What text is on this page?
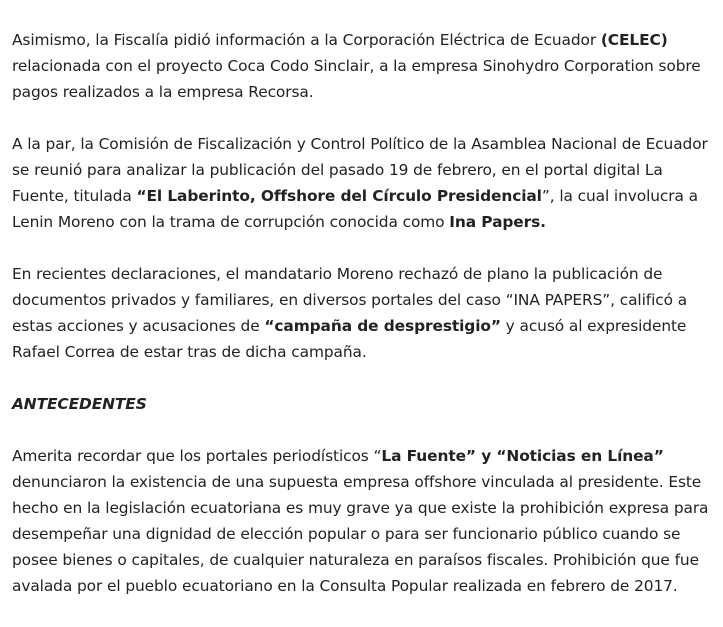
Asimismo, la Fiscalía pidió información a la Corporación Eléctrica de Ecuador (CELEC) relacionada con el proyecto Coca Codo Sinclair, a la empresa Sinohydro Corporation sobre pagos realizados a la empresa Recorsa.

A la par, la Comisión de Fiscalización y Control Político de la Asamblea Nacional de Ecuador se reunió para analizar la publicación del pasado 19 de febrero, en el portal digital La Fuente, titulada “El Laberinto, Offshore del Círculo Presidencial”, la cual involucra a Lenin Moreno con la trama de corrupción conocida como Ina Papers.

En recientes declaraciones, el mandatario Moreno rechazó de plano la publicación de documentos privados y familiares, en diversos portales del caso “INA PAPERS”, calificó a estas acciones y acusaciones de “campaña de desprestigio” y acusó al expresidente Rafael Correa de estar tras de dicha campaña.

ANTECEDENTES

Amerita recordar que los portales periodísticos “La Fuente” y “Noticias en Línea” denunciaron la existencia de una supuesta empresa offshore vinculada al presidente. Este hecho en la legislación ecuatoriana es muy grave ya que existe la prohibición expresa para desempeñar una dignidad de elección popular o para ser funcionario público cuando se posee bienes o capitales, de cualquier naturaleza en paraísos fiscales. Prohibición que fue avalada por el pueblo ecuatoriano en la Consulta Popular realizada en febrero de 2017.
